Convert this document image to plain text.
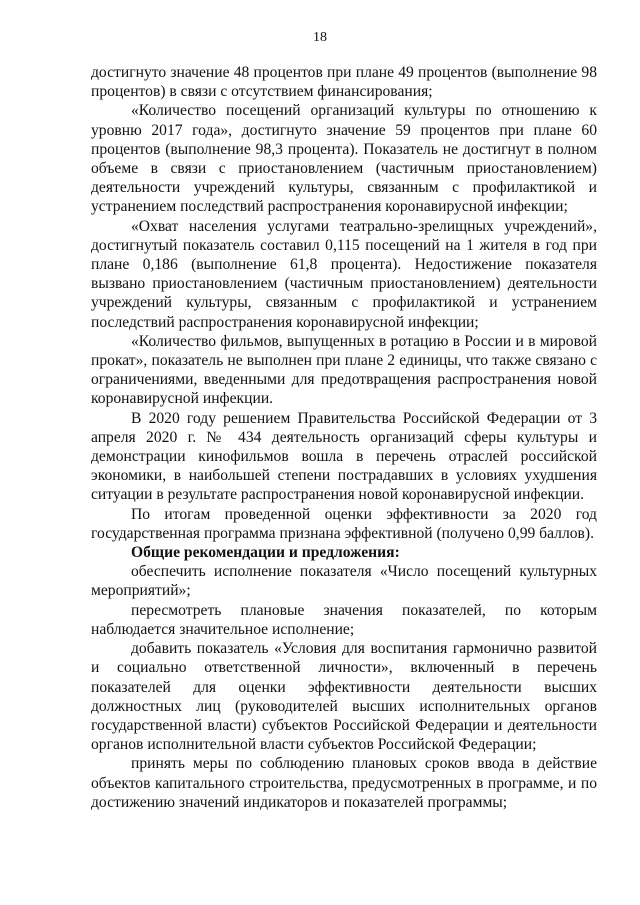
18

достигнуто значение 48 процентов при плане 49 процентов (выполнение 98 процентов) в связи с отсутствием финансирования;

«Количество посещений организаций культуры по отношению к уровню 2017 года», достигнуто значение 59 процентов при плане 60 процентов (выполнение 98,3 процента). Показатель не достигнут в полном объеме в связи с приостановлением (частичным приостановлением) деятельности учреждений культуры, связанным с профилактикой и устранением последствий распространения коронавирусной инфекции;

«Охват населения услугами театрально-зрелищных учреждений», достигнутый показатель составил 0,115 посещений на 1 жителя в год при плане 0,186 (выполнение 61,8 процента). Недостижение показателя вызвано приостановлением (частичным приостановлением) деятельности учреждений культуры, связанным с профилактикой и устранением последствий распространения коронавирусной инфекции;

«Количество фильмов, выпущенных в ротацию в России и в мировой прокат», показатель не выполнен при плане 2 единицы, что также связано с ограничениями, введенными для предотвращения распространения новой коронавирусной инфекции.

В 2020 году решением Правительства Российской Федерации от 3 апреля 2020 г. № 434 деятельность организаций сферы культуры и демонстрации кинофильмов вошла в перечень отраслей российской экономики, в наибольшей степени пострадавших в условиях ухудшения ситуации в результате распространения новой коронавирусной инфекции.

По итогам проведенной оценки эффективности за 2020 год государственная программа признана эффективной (получено 0,99 баллов).

Общие рекомендации и предложения:

обеспечить исполнение показателя «Число посещений культурных мероприятий»;

пересмотреть плановые значения показателей, по которым наблюдается значительное исполнение;

добавить показатель «Условия для воспитания гармонично развитой и социально ответственной личности», включенный в перечень показателей для оценки эффективности деятельности высших должностных лиц (руководителей высших исполнительных органов государственной власти) субъектов Российской Федерации и деятельности органов исполнительной власти субъектов Российской Федерации;

принять меры по соблюдению плановых сроков ввода в действие объектов капитального строительства, предусмотренных в программе, и по достижению значений индикаторов и показателей программы;
